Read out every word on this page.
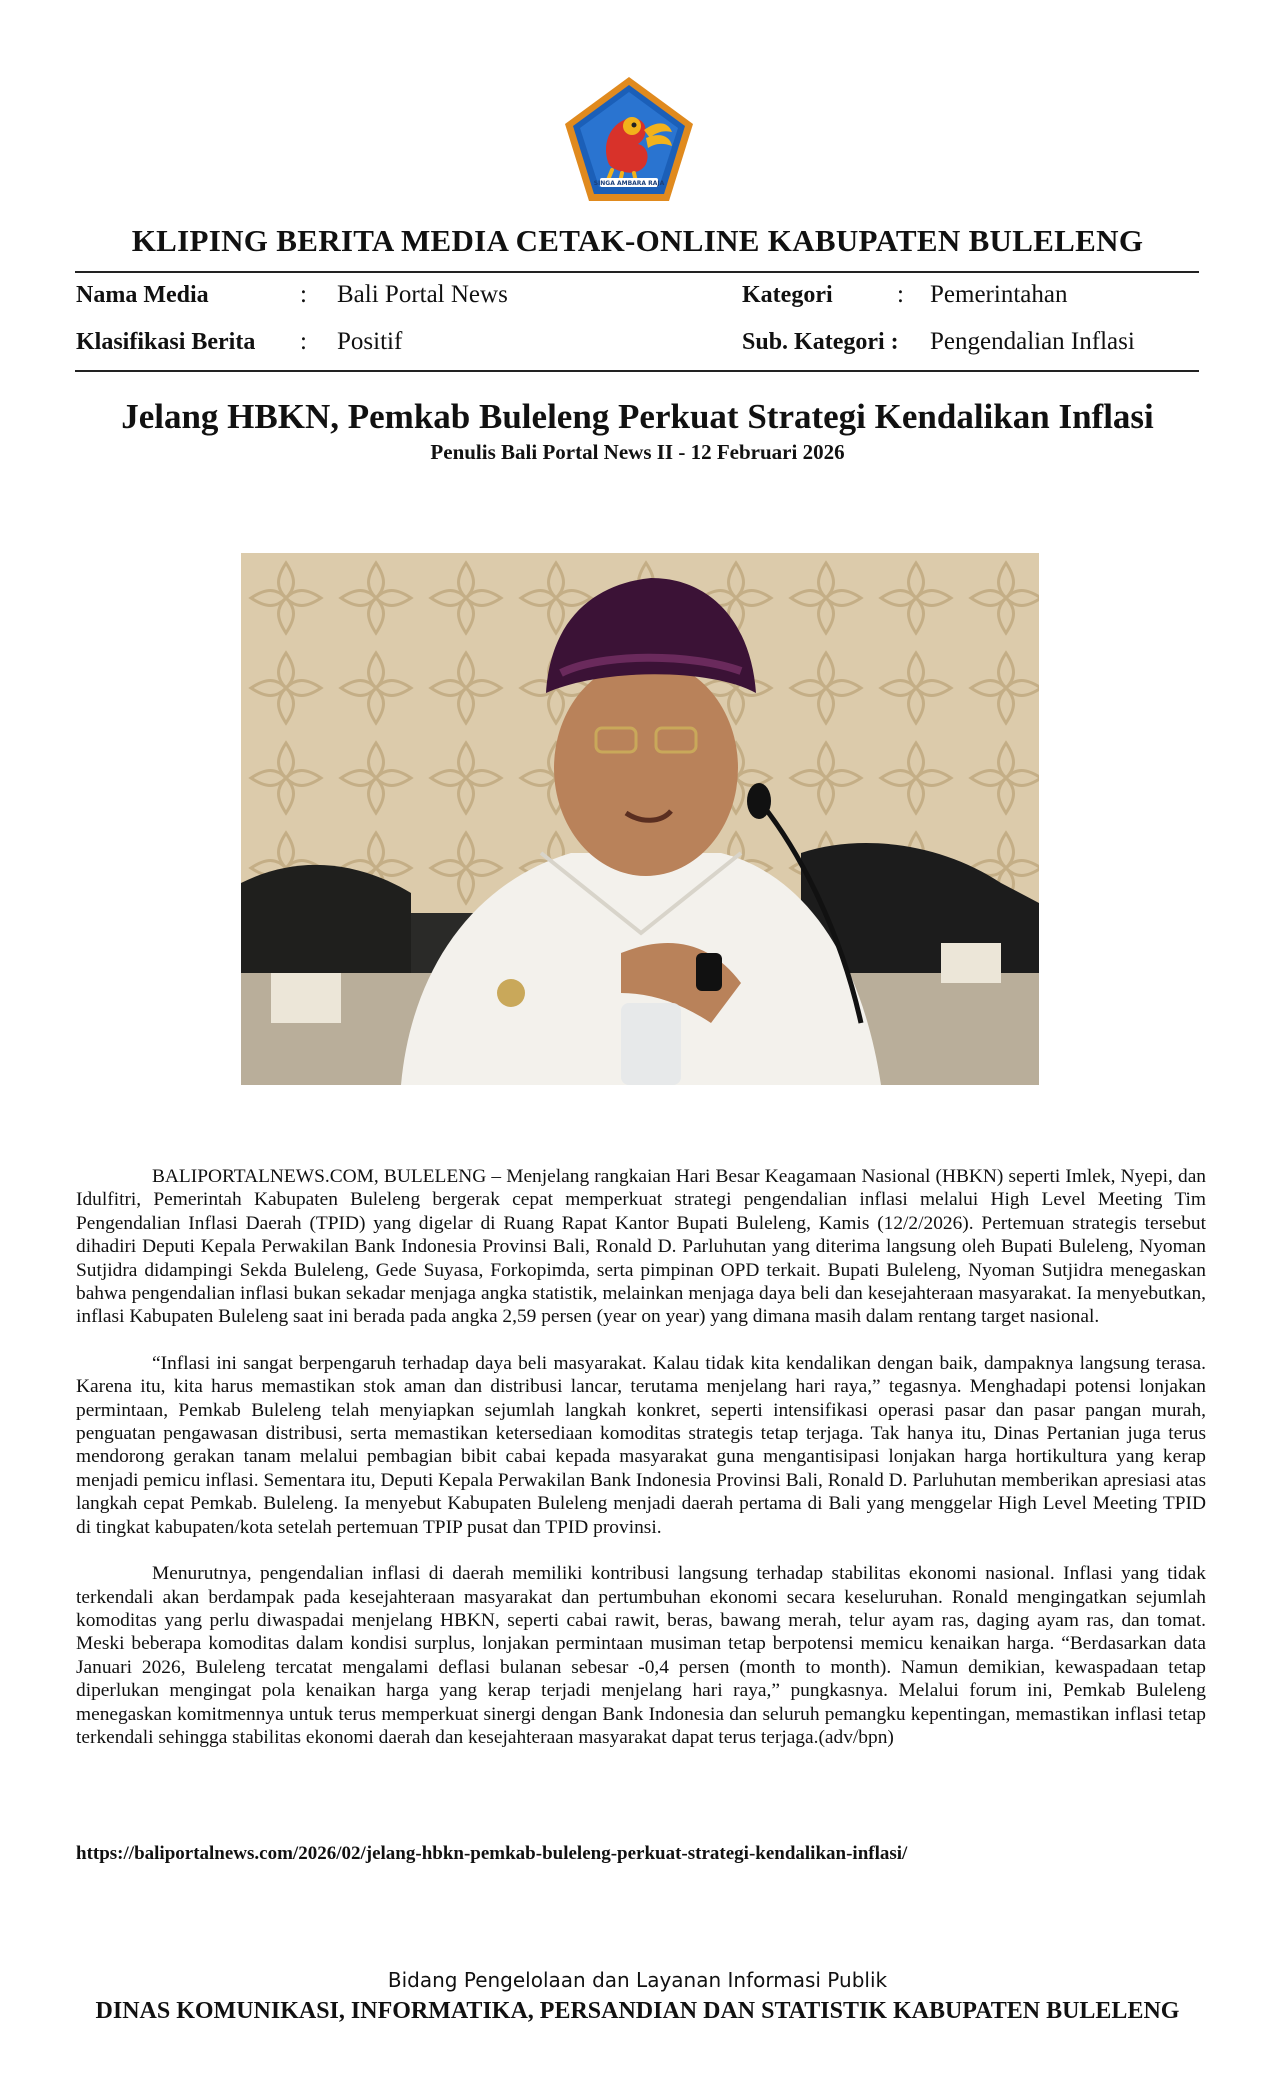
SINGA AMBARA RAJA
KLIPING BERITA MEDIA CETAK-ONLINE KABUPATEN BULELENG
Nama Media	: Bali Portal News	Kategori	: Pemerintahan
Klasifikasi Berita : Positif	Sub. Kategori : Pengendalian Inflasi
Jelang HBKN, Pemkab Buleleng Perkuat Strategi Kendalikan Inflasi
Penulis Bali Portal News II - 12 Februari 2026

BALIPORTALNEWS.COM, BULELENG – Menjelang rangkaian Hari Besar Keagamaan Nasional (HBKN) seperti Imlek, Nyepi, dan Idulfitri, Pemerintah Kabupaten Buleleng bergerak cepat memperkuat strategi pengendalian inflasi melalui High Level Meeting Tim Pengendalian Inflasi Daerah (TPID) yang digelar di Ruang Rapat Kantor Bupati Buleleng, Kamis (12/2/2026). Pertemuan strategis tersebut dihadiri Deputi Kepala Perwakilan Bank Indonesia Provinsi Bali, Ronald D. Parluhutan yang diterima langsung oleh Bupati Buleleng, Nyoman Sutjidra didampingi Sekda Buleleng, Gede Suyasa, Forkopimda, serta pimpinan OPD terkait. Bupati Buleleng, Nyoman Sutjidra menegaskan bahwa pengendalian inflasi bukan sekadar menjaga angka statistik, melainkan menjaga daya beli dan kesejahteraan masyarakat. Ia menyebutkan, inflasi Kabupaten Buleleng saat ini berada pada angka 2,59 persen (year on year) yang dimana masih dalam rentang target nasional.

“Inflasi ini sangat berpengaruh terhadap daya beli masyarakat. Kalau tidak kita kendalikan dengan baik, dampaknya langsung terasa. Karena itu, kita harus memastikan stok aman dan distribusi lancar, terutama menjelang hari raya,” tegasnya. Menghadapi potensi lonjakan permintaan, Pemkab Buleleng telah menyiapkan sejumlah langkah konkret, seperti intensifikasi operasi pasar dan pasar pangan murah, penguatan pengawasan distribusi, serta memastikan ketersediaan komoditas strategis tetap terjaga. Tak hanya itu, Dinas Pertanian juga terus mendorong gerakan tanam melalui pembagian bibit cabai kepada masyarakat guna mengantisipasi lonjakan harga hortikultura yang kerap menjadi pemicu inflasi. Sementara itu, Deputi Kepala Perwakilan Bank Indonesia Provinsi Bali, Ronald D. Parluhutan memberikan apresiasi atas langkah cepat Pemkab. Buleleng. Ia menyebut Kabupaten Buleleng menjadi daerah pertama di Bali yang menggelar High Level Meeting TPID di tingkat kabupaten/kota setelah pertemuan TPIP pusat dan TPID provinsi.

Menurutnya, pengendalian inflasi di daerah memiliki kontribusi langsung terhadap stabilitas ekonomi nasional. Inflasi yang tidak terkendali akan berdampak pada kesejahteraan masyarakat dan pertumbuhan ekonomi secara keseluruhan. Ronald mengingatkan sejumlah komoditas yang perlu diwaspadai menjelang HBKN, seperti cabai rawit, beras, bawang merah, telur ayam ras, daging ayam ras, dan tomat. Meski beberapa komoditas dalam kondisi surplus, lonjakan permintaan musiman tetap berpotensi memicu kenaikan harga. “Berdasarkan data Januari 2026, Buleleng tercatat mengalami deflasi bulanan sebesar -0,4 persen (month to month). Namun demikian, kewaspadaan tetap diperlukan mengingat pola kenaikan harga yang kerap terjadi menjelang hari raya,” pungkasnya. Melalui forum ini, Pemkab Buleleng menegaskan komitmennya untuk terus memperkuat sinergi dengan Bank Indonesia dan seluruh pemangku kepentingan, memastikan inflasi tetap terkendali sehingga stabilitas ekonomi daerah dan kesejahteraan masyarakat dapat terus terjaga.(adv/bpn)

https://baliportalnews.com/2026/02/jelang-hbkn-pemkab-buleleng-perkuat-strategi-kendalikan-inflasi/
Bidang Pengelolaan dan Layanan Informasi Publik
DINAS KOMUNIKASI, INFORMATIKA, PERSANDIAN DAN STATISTIK KABUPATEN BULELENG
